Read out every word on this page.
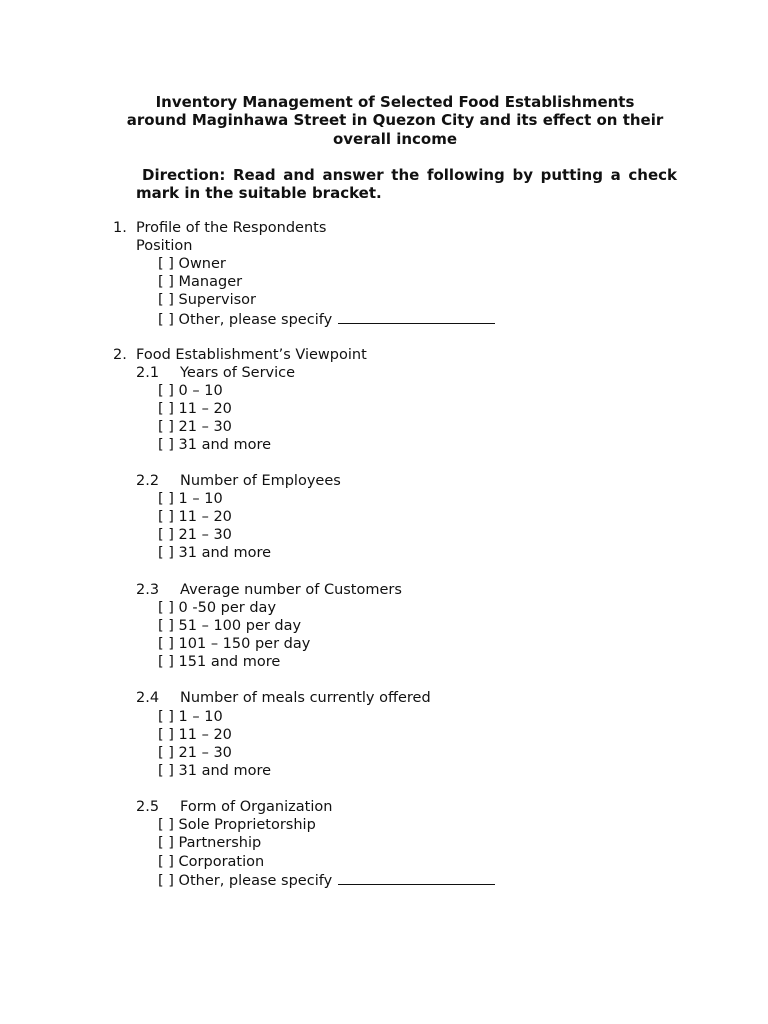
Inventory Management of Selected Food Establishments
around Maginhawa Street in Quezon City and its effect on their
overall income
Direction: Read and answer the following by putting a check
mark in the suitable bracket.
1. Profile of the Respondents
Position
[ ] Owner
[ ] Manager
[ ] Supervisor
[ ] Other, please specify
2. Food Establishment’s Viewpoint
2.1 Years of Service
[ ] 0 – 10
[ ] 11 – 20
[ ] 21 – 30
[ ] 31 and more
2.2 Number of Employees
[ ] 1 – 10
[ ] 11 – 20
[ ] 21 – 30
[ ] 31 and more
2.3 Average number of Customers
[ ] 0 -50 per day
[ ] 51 – 100 per day
[ ] 101 – 150 per day
[ ] 151 and more
2.4 Number of meals currently offered
[ ] 1 – 10
[ ] 11 – 20
[ ] 21 – 30
[ ] 31 and more
2.5 Form of Organization
[ ] Sole Proprietorship
[ ] Partnership
[ ] Corporation
[ ] Other, please specify
